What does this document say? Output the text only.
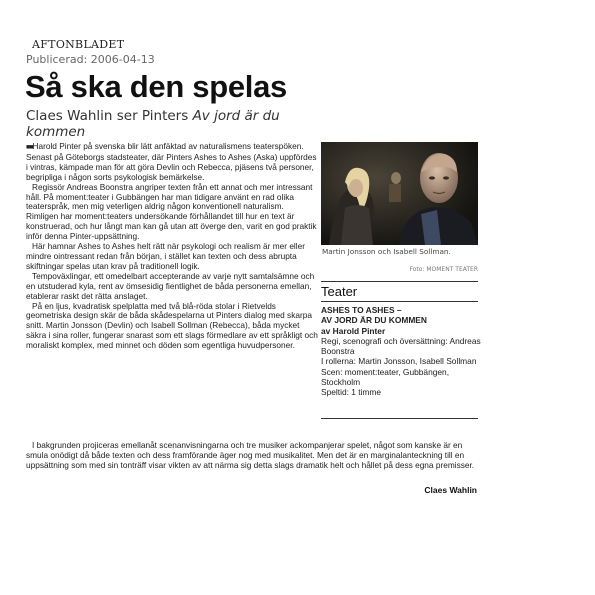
AFTONBLADET
Publicerad: 2006-04-13
Så ska den spelas
Claes Wahlin ser Pinters Av jord är du kommen

■■Harold Pinter på svenska blir lätt anfäktad av naturalismens teaterspöken. Senast på Göteborgs stadsteater, där Pinters Ashes to Ashes (Aska) uppfördes i vintras, kämpade man för att göra Devlin och Rebecca, pjäsens två personer, begripliga i någon sorts psykologisk bemärkelse.

Regissör Andreas Boonstra angriper texten från ett annat och mer intressant håll. På moment:teater i Gubbängen har man tidigare använt en rad olika teaterspråk, men mig veterligen aldrig någon konventionell naturalism. Rimligen har moment:teaters undersökande förhållandet till hur en text är konstruerad, och hur långt man kan gå utan att överge den, varit en god praktik inför denna Pinter-uppsättning.

Här hamnar Ashes to Ashes helt rätt när psykologi och realism är mer eller mindre ointressant redan från början, i stället kan texten och dess abrupta skiftningar spelas utan krav på traditionell logik.

Tempoväxlingar, ett omedelbart accepterande av varje nytt samtalsämne och en utstuderad kyla, rent av ömsesidig fientlighet de båda personerna emellan, etablerar raskt det rätta anslaget.

På en ljus, kvadratisk spelplatta med två blå-röda stolar i Rietvelds geometriska design skär de båda skådespelarna ut Pinters dialog med skarpa snitt. Martin Jonsson (Devlin) och Isabell Sollman (Rebecca), båda mycket säkra i sina roller, fungerar snarast som ett slags förmedlare av ett språkligt och moraliskt komplex, med minnet och döden som egentliga huvudpersoner.

I bakgrunden projiceras emellanåt scenanvisningarna och tre musiker ackompanjerar spelet, något som kanske är en smula onödigt då både texten och dess framförande äger nog med musikalitet. Men det är en marginalanteckning till en uppsättning som med sin tonträff visar vikten av att närma sig detta slags dramatik helt och hållet på dess egna premisser.

Claes Wahlin
Martin Jonsson och Isabell Sollman.
Foto: MOMENT TEATER
Teater
ASHES TO ASHES –
AV JORD ÄR DU KOMMEN
av Harold Pinter
Regi, scenografi och översättning: Andreas Boonstra
I rollerna: Martin Jonsson, Isabell Sollman
Scen: moment:teater, Gubbängen, Stockholm
Speltid: 1 timme
